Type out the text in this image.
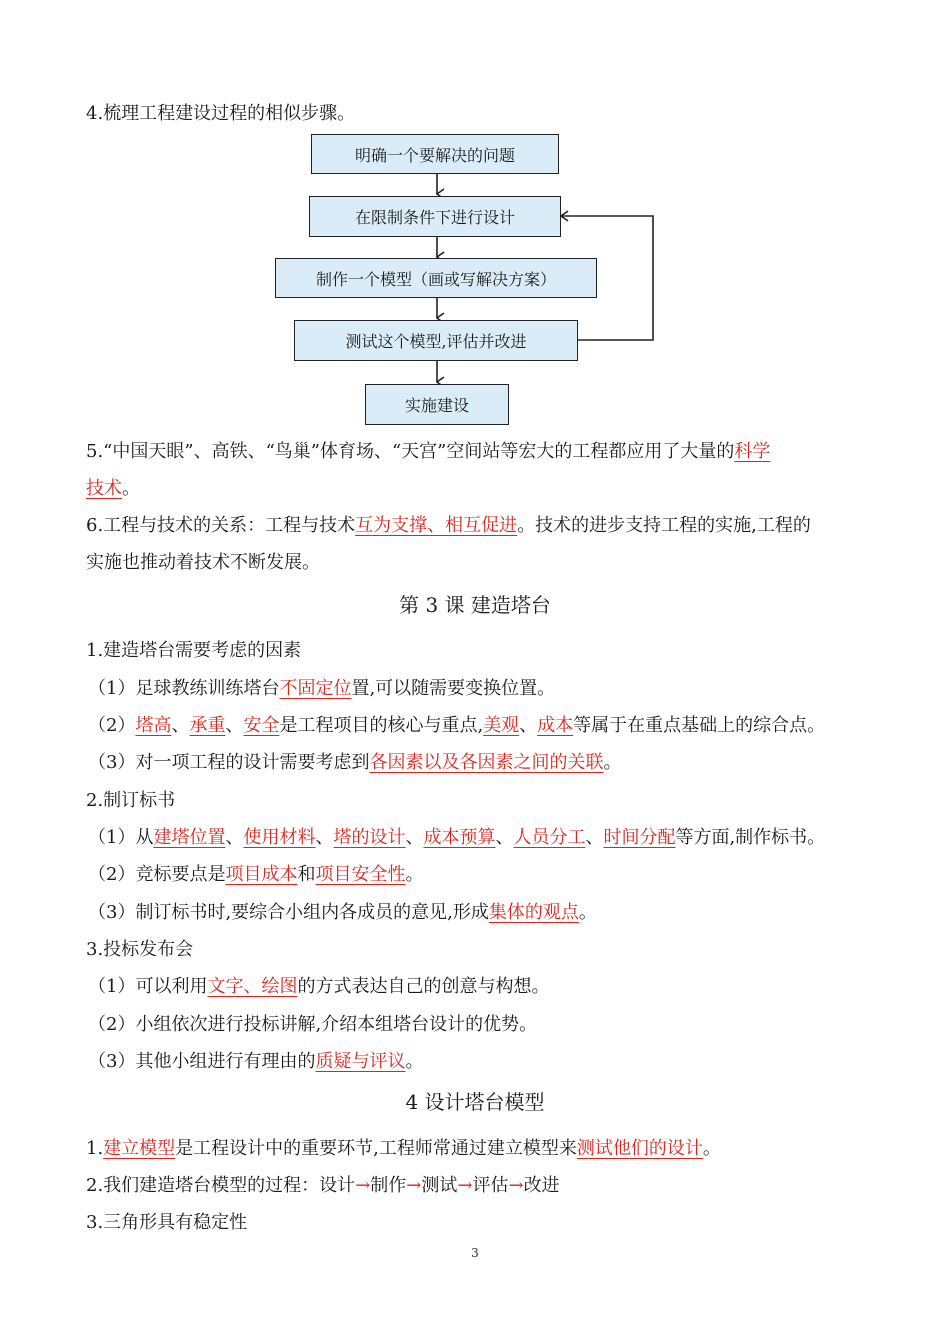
4.梳理工程建设过程的相似步骤。
明确一个要解决的问题
在限制条件下进行设计
制作一个模型（画或写解决方案）
测试这个模型,评估并改进
实施建设
5.“中国天眼”、高铁、“鸟巢”体育场、“天宫”空间站等宏大的工程都应用了大量的科学
技术。
6.工程与技术的关系：工程与技术互为支撑、相互促进。技术的进步支持工程的实施,工程的
实施也推动着技术不断发展。
第 3 课 建造塔台
1.建造塔台需要考虑的因素
（1）足球教练训练塔台不固定位置,可以随需要变换位置。
（2）塔高、承重、安全是工程项目的核心与重点,美观、成本等属于在重点基础上的综合点。
（3）对一项工程的设计需要考虑到各因素以及各因素之间的关联。
2.制订标书
（1）从建塔位置、使用材料、塔的设计、成本预算、人员分工、时间分配等方面,制作标书。
（2）竞标要点是项目成本和项目安全性。
（3）制订标书时,要综合小组内各成员的意见,形成集体的观点。
3.投标发布会
（1）可以利用文字、绘图的方式表达自己的创意与构想。
（2）小组依次进行投标讲解,介绍本组塔台设计的优势。
（3）其他小组进行有理由的质疑与评议。
4 设计塔台模型
1.建立模型是工程设计中的重要环节,工程师常通过建立模型来测试他们的设计。
2.我们建造塔台模型的过程：设计→制作→测试→评估→改进
3.三角形具有稳定性
3
